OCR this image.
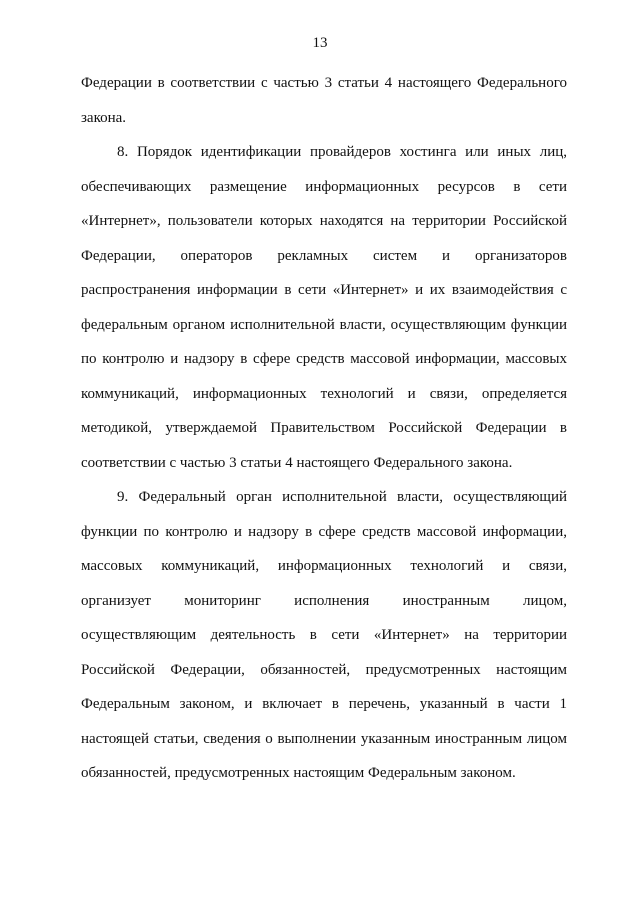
13
Федерации в соответствии с частью 3 статьи 4 настоящего Федерального
закона.
8. Порядок идентификации провайдеров хостинга или иных лиц,
обеспечивающих размещение информационных ресурсов в сети
«Интернет», пользователи которых находятся на территории Российской
Федерации, операторов рекламных систем и организаторов
распространения информации в сети «Интернет» и их взаимодействия с
федеральным органом исполнительной власти, осуществляющим функции
по контролю и надзору в сфере средств массовой информации, массовых
коммуникаций, информационных технологий и связи, определяется
методикой, утверждаемой Правительством Российской Федерации в
соответствии с частью 3 статьи 4 настоящего Федерального закона.
9. Федеральный орган исполнительной власти, осуществляющий
функции по контролю и надзору в сфере средств массовой информации,
массовых коммуникаций, информационных технологий и связи,
организует мониторинг исполнения иностранным лицом,
осуществляющим деятельность в сети «Интернет» на территории
Российской Федерации, обязанностей, предусмотренных настоящим
Федеральным законом, и включает в перечень, указанный в части 1
настоящей статьи, сведения о выполнении указанным иностранным лицом
обязанностей, предусмотренных настоящим Федеральным законом.
